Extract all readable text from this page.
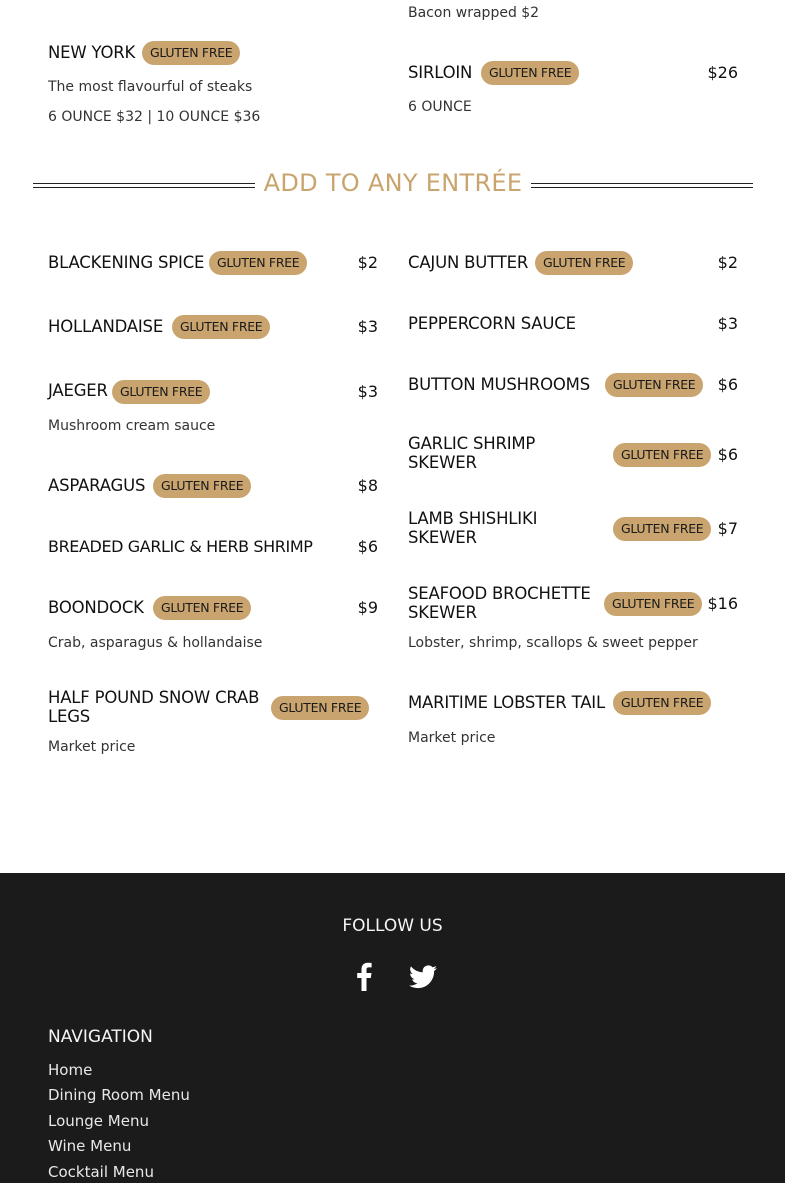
Bacon wrapped $2
NEW YORK	GLUTEN FREE
The most flavourful of steaks
6 OUNCE $32 | 10 OUNCE $36
SIRLOIN	GLUTEN FREE	$26
6 OUNCE
ADD TO ANY ENTRÉE
BLACKENING SPICE	GLUTEN FREE	$2
HOLLANDAISE	GLUTEN FREE	$3
JAEGER GLUTEN FREE	$3
Mushroom cream sauce
ASPARAGUS	GLUTEN FREE	$8
BREADED GARLIC & HERB SHRIMP	$6
BOONDOCK	GLUTEN FREE	$9
Crab, asparagus & hollandaise
HALF POUND SNOW CRAB LEGS	GLUTEN FREE
Market price
CAJUN BUTTER	GLUTEN FREE	$2
PEPPERCORN SAUCE	$3
BUTTON MUSHROOMS	GLUTEN FREE	$6
GARLIC SHRIMP SKEWER	GLUTEN FREE $6
LAMB SHISHLIKI SKEWER	GLUTEN FREE $7
SEAFOOD BROCHETTE SKEWER	GLUTEN FREE $16
Lobster, shrimp, scallops & sweet pepper
MARITIME LOBSTER TAIL	GLUTEN FREE
Market price
FOLLOW US
NAVIGATION
Home
Dining Room Menu
Lounge Menu
Wine Menu
Cocktail Menu
